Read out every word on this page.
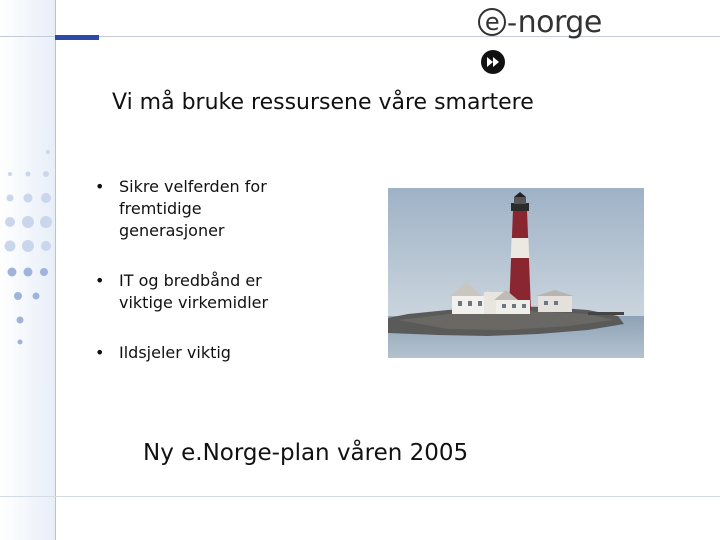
e - norge
Vi må bruke ressursene våre smartere
• Sikre velferden for fremtidige generasjoner
• IT og bredbånd er viktige virkemidler
• Ildsjeler viktig
Ny e.Norge-plan våren 2005
